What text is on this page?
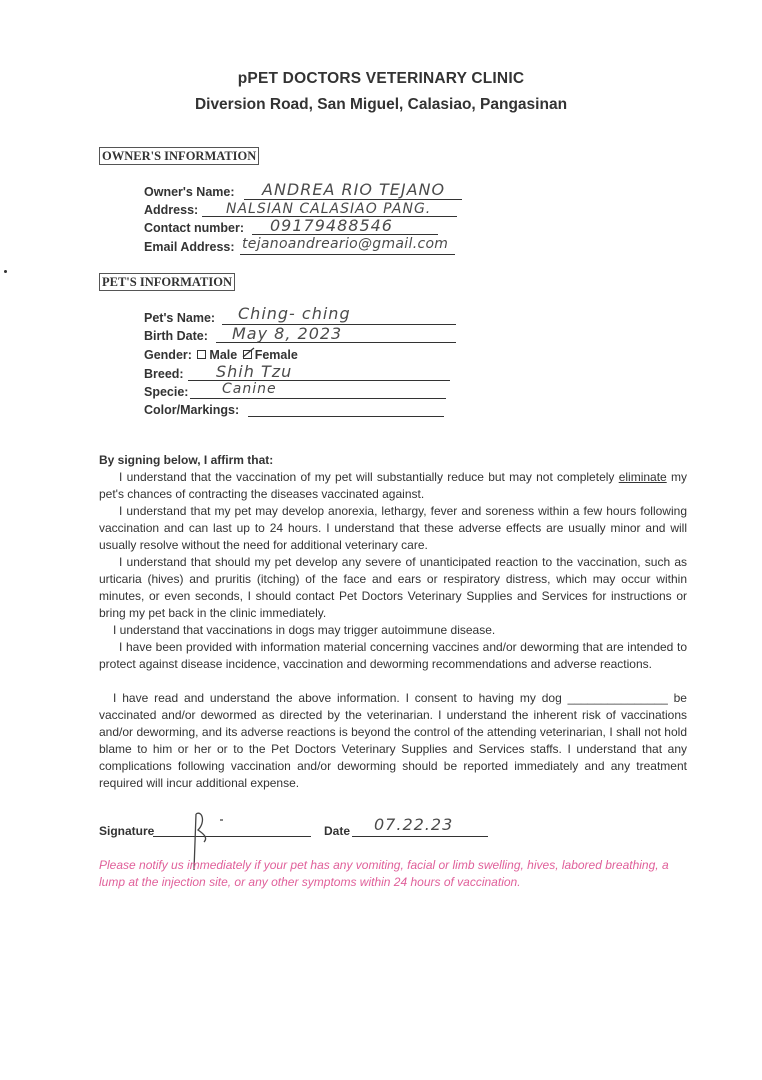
pPET DOCTORS VETERINARY CLINIC
Diversion Road, San Miguel, Calasiao, Pangasinan
OWNER'S INFORMATION
Owner's Name: ANDREA RIO TEJANO
Address: NALSIAN CALASIAO PANG.
Contact number: 09179488546
Email Address: tejanoandreario@gmail.com
PET'S INFORMATION
Pet's Name: Ching- ching
Birth Date: May 8, 2023
Gender: Male Female
Breed: Shih Tzu
Specie: Canine
Color/Markings:
By signing below, I affirm that:
I understand that the vaccination of my pet will substantially reduce but may not completely eliminate my pet's chances of contracting the diseases vaccinated against.
I understand that my pet may develop anorexia, lethargy, fever and soreness within a few hours following vaccination and can last up to 24 hours. I understand that these adverse effects are usually minor and will usually resolve without the need for additional veterinary care.
I understand that should my pet develop any severe of unanticipated reaction to the vaccination, such as urticaria (hives) and pruritis (itching) of the face and ears or respiratory distress, which may occur within minutes, or even seconds, I should contact Pet Doctors Veterinary Supplies and Services for instructions or bring my pet back in the clinic immediately.
I understand that vaccinations in dogs may trigger autoimmune disease.
I have been provided with information material concerning vaccines and/or deworming that are intended to protect against disease incidence, vaccination and deworming recommendations and adverse reactions.
I have read and understand the above information. I consent to having my dog _______________ be vaccinated and/or dewormed as directed by the veterinarian. I understand the inherent risk of vaccinations and/or deworming, and its adverse reactions is beyond the control of the attending veterinarian, I shall not hold blame to him or her or to the Pet Doctors Veterinary Supplies and Services staffs. I understand that any complications following vaccination and/or deworming should be reported immediately and any treatment required will incur additional expense.
Signature	Date 07.22.23
Please notify us immediately if your pet has any vomiting, facial or limb swelling, hives, labored breathing, a lump at the injection site, or any other symptoms within 24 hours of vaccination.
